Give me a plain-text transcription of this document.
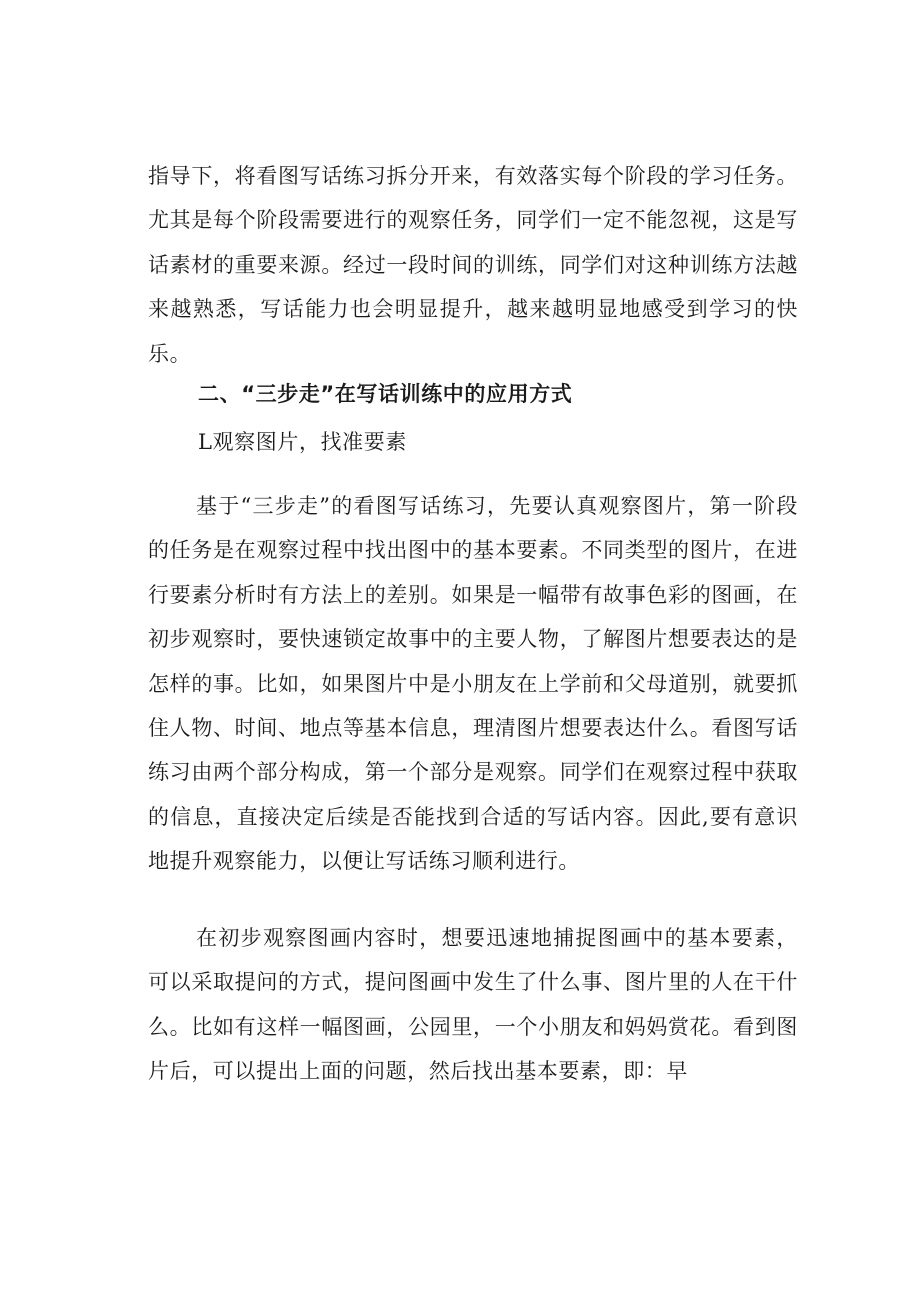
指导下，将看图写话练习拆分开来，有效落实每个阶段的学习任务。尤其是每个阶段需要进行的观察任务，同学们一定不能忽视，这是写话素材的重要来源。经过一段时间的训练，同学们对这种训练方法越来越熟悉，写话能力也会明显提升，越来越明显地感受到学习的快乐。

二、“三步走”在写话训练中的应用方式

L观察图片，找准要素

基于“三步走”的看图写话练习，先要认真观察图片，第一阶段的任务是在观察过程中找出图中的基本要素。不同类型的图片，在进行要素分析时有方法上的差别。如果是一幅带有故事色彩的图画，在初步观察时，要快速锁定故事中的主要人物，了解图片想要表达的是怎样的事。比如，如果图片中是小朋友在上学前和父母道别，就要抓住人物、时间、地点等基本信息，理清图片想要表达什么。看图写话练习由两个部分构成，第一个部分是观察。同学们在观察过程中获取的信息，直接决定后续是否能找到合适的写话内容。因此,要有意识地提升观察能力，以便让写话练习顺利进行。

在初步观察图画内容时，想要迅速地捕捉图画中的基本要素，可以采取提问的方式，提问图画中发生了什么事、图片里的人在干什么。比如有这样一幅图画，公园里，一个小朋友和妈妈赏花。看到图片后，可以提出上面的问题，然后找出基本要素，即：早
